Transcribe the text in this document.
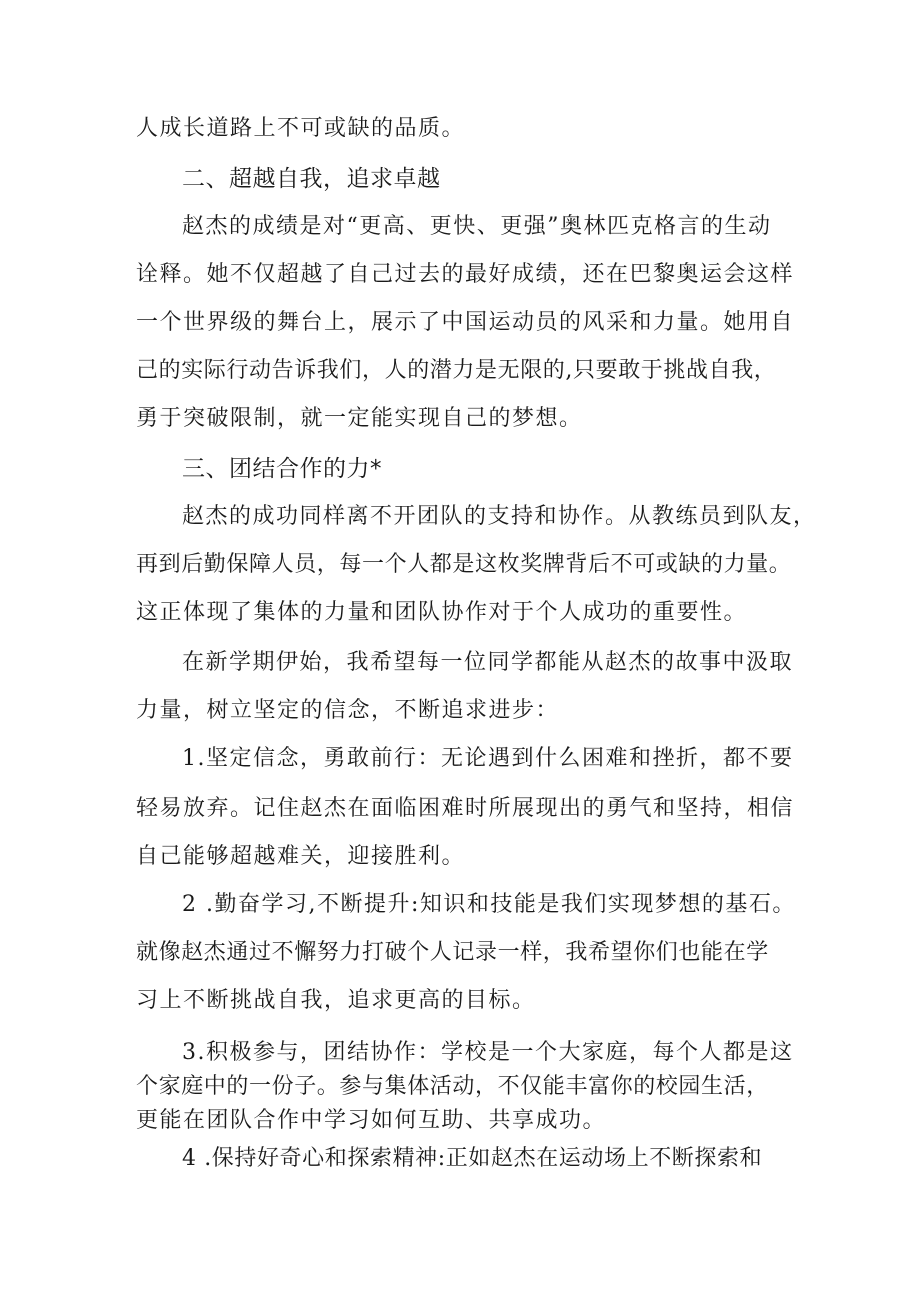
人成长道路上不可或缺的品质。
二、超越自我，追求卓越
赵杰的成绩是对“更高、更快、更强”奥林匹克格言的生动
诠释。她不仅超越了自己过去的最好成绩，还在巴黎奥运会这样
一个世界级的舞台上，展示了中国运动员的风采和力量。她用自
己的实际行动告诉我们，人的潜力是无限的,只要敢于挑战自我，
勇于突破限制，就一定能实现自己的梦想。
三、团结合作的力*
赵杰的成功同样离不开团队的支持和协作。从教练员到队友，
再到后勤保障人员，每一个人都是这枚奖牌背后不可或缺的力量。
这正体现了集体的力量和团队协作对于个人成功的重要性。
在新学期伊始，我希望每一位同学都能从赵杰的故事中汲取
力量，树立坚定的信念，不断追求进步：
1.坚定信念，勇敢前行：无论遇到什么困难和挫折，都不要
轻易放弃。记住赵杰在面临困难时所展现出的勇气和坚持，相信
自己能够超越难关，迎接胜利。
2 .勤奋学习,不断提升:知识和技能是我们实现梦想的基石。
就像赵杰通过不懈努力打破个人记录一样，我希望你们也能在学
习上不断挑战自我，追求更高的目标。
3.积极参与，团结协作：学校是一个大家庭，每个人都是这
个家庭中的一份子。参与集体活动，不仅能丰富你的校园生活，
更能在团队合作中学习如何互助、共享成功。
4 .保持好奇心和探索精神:正如赵杰在运动场上不断探索和
